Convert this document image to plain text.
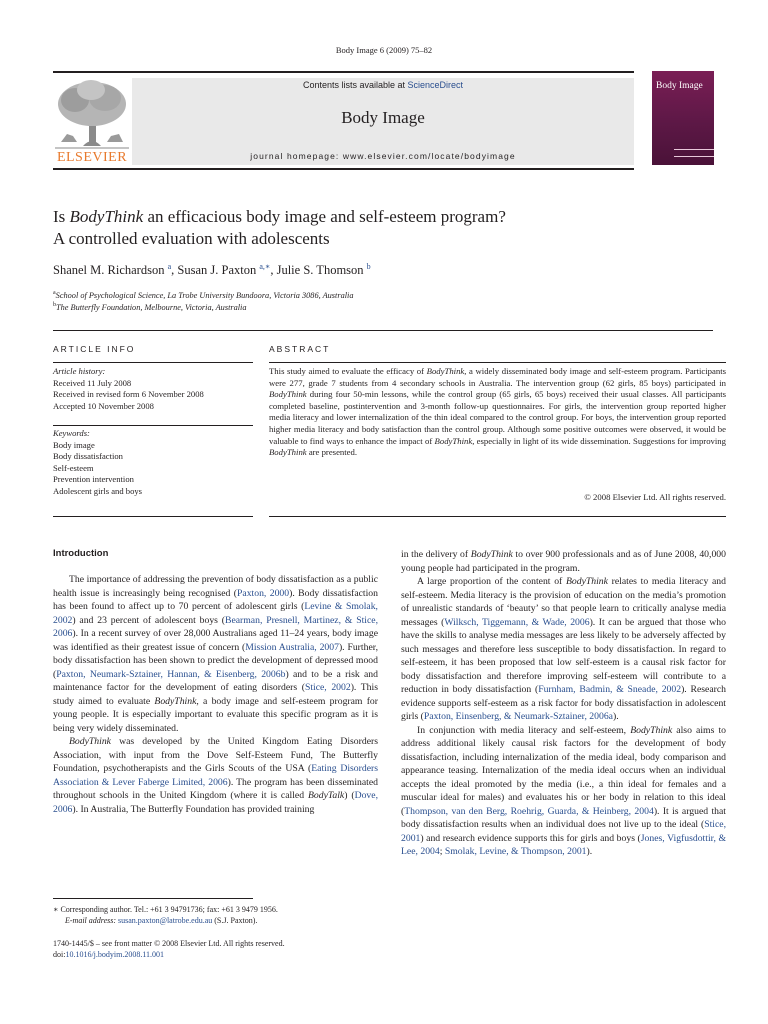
Body Image 6 (2009) 75–82
ELSEVIER
Contents lists available at ScienceDirect
Body Image
journal homepage: www.elsevier.com/locate/bodyimage
Body Image
Is BodyThink an efficacious body image and self-esteem program?
A controlled evaluation with adolescents
Shanel M. Richardson $^a$, Susan J. Paxton $^{a,∗}$, Julie S. Thomson $^b$
$^a$School of Psychological Science, La Trobe University Bundoora, Victoria 3086, Australia
$^b$The Butterfly Foundation, Melbourne, Victoria, Australia
ARTICLE INFO
Article history:
Received 11 July 2008
Received in revised form 6 November 2008
Accepted 10 November 2008
Keywords:
Body image
Body dissatisfaction
Self-esteem
Prevention intervention
Adolescent girls and boys
ABSTRACT
This study aimed to evaluate the efficacy of BodyThink, a widely disseminated body image and self-esteem program. Participants were 277, grade 7 students from 4 secondary schools in Australia. The intervention group (62 girls, 85 boys) participated in BodyThink during four 50-min lessons, while the control group (65 girls, 65 boys) received their usual classes. All participants completed baseline, postintervention and 3-month follow-up questionnaires. For girls, the intervention group reported higher media literacy and lower internalization of the thin ideal compared to the control group. For boys, the intervention group reported higher media literacy and body satisfaction than the control group. Although some positive outcomes were observed, it would be valuable to find ways to enhance the impact of BodyThink, especially in light of its wide dissemination. Suggestions for improving BodyThink are presented.
© 2008 Elsevier Ltd. All rights reserved.
Introduction

The importance of addressing the prevention of body dissatisfaction as a public health issue is increasingly being recognised (Paxton, 2000). Body dissatisfaction has been found to affect up to 70 percent of adolescent girls (Levine & Smolak, 2002) and 23 percent of adolescent boys (Bearman, Presnell, Martinez, & Stice, 2006). In a recent survey of over 28,000 Australians aged 11–24 years, body image was identified as their greatest issue of concern (Mission Australia, 2007). Further, body dissatisfaction has been shown to predict the development of depressed mood (Paxton, Neumark-Sztainer, Hannan, & Eisenberg, 2006b) and to be a risk and maintenance factor for the development of eating disorders (Stice, 2002). This study aimed to evaluate BodyThink, a body image and self-esteem program for young people. It is especially important to evaluate this specific program as it is being very widely disseminated.

BodyThink was developed by the United Kingdom Eating Disorders Association, with input from the Dove Self-Esteem Fund, The Butterfly Foundation, psychotherapists and the Girls Scouts of the USA (Eating Disorders Association & Lever Faberge Limited, 2006). The program has been disseminated throughout schools in the United Kingdom (where it is called BodyTalk) (Dove, 2006). In Australia, The Butterfly Foundation has provided training

in the delivery of BodyThink to over 900 professionals and as of June 2008, 40,000 young people had participated in the program.

A large proportion of the content of BodyThink relates to media literacy and self-esteem. Media literacy is the provision of education on the media’s promotion of unrealistic standards of ‘beauty’ so that people learn to critically analyse media messages (Wilksch, Tiggemann, & Wade, 2006). It can be argued that those who have the skills to analyse media messages are less likely to be adversely affected by such messages and therefore less susceptible to body dissatisfaction. In regard to self-esteem, it has been proposed that low self-esteem is a causal risk factor for body dissatisfaction and therefore improving self-esteem will contribute to a reduction in body dissatisfaction (Furnham, Badmin, & Sneade, 2002). Research evidence supports self-esteem as a risk factor for body dissatisfaction in adolescent girls (Paxton, Einsenberg, & Neumark-Sztainer, 2006a).

In conjunction with media literacy and self-esteem, BodyThink also aims to address additional likely causal risk factors for the development of body dissatisfaction, including internalization of the media ideal, body comparison and appearance teasing. Internalization of the media ideal occurs when an individual accepts the ideal promoted by the media (i.e., a thin ideal for females and a muscular ideal for males) and evaluates his or her body in relation to this ideal (Thompson, van den Berg, Roehrig, Guarda, & Heinberg, 2004). It is argued that body dissatisfaction results when an individual does not live up to the ideal (Stice, 2001) and research evidence supports this for girls and boys (Jones, Vigfusdottir, & Lee, 2004; Smolak, Levine, & Thompson, 2001).

∗ Corresponding author. Tel.: +61 3 94791736; fax: +61 3 9479 1956.
E-mail address: susan.paxton@latrobe.edu.au (S.J. Paxton).
1740-1445/$ – see front matter © 2008 Elsevier Ltd. All rights reserved.
doi:10.1016/j.bodyim.2008.11.001
